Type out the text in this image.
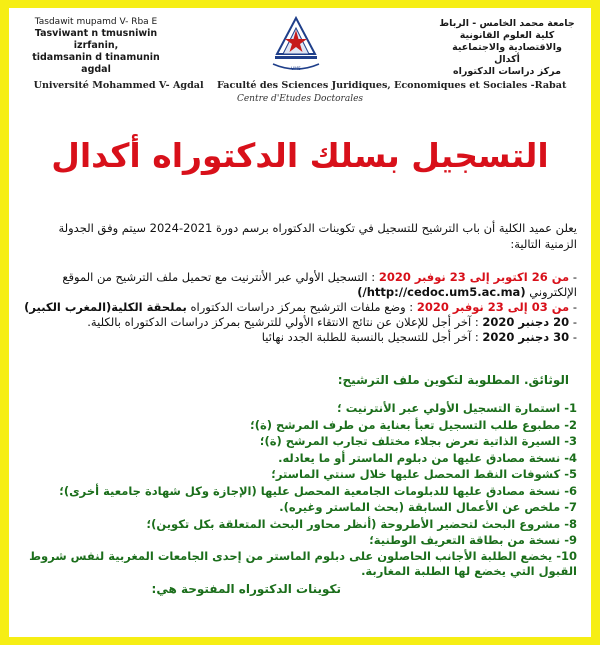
Tasdawit mupamd V- Rba E
Tasviwant n tmusniwin izrfanin,
tidamsanin d tinamunin
agdal	UM5
جامعة محمد الخامس - الرباط
كلية العلوم القانونية والاقتصادية والاجتماعية
أكدال
مركز دراسات الدكتوراه
Université Mohammed V- Agdal Faculté des Sciences Juridiques, Economiques et Sociales -Rabat
Centre d'Etudes Doctorales
التسجيل بسلك الدكتوراه أكدال
يعلن عميد الكلية أن باب الترشيح للتسجيل في تكوينات الدكتوراه برسم دورة 2021-2024 سيتم وفق الجدولة الزمنية التالية:
- من 26 اكتوبر إلى 23 نوفبر 2020 : التسجيل الأولي عبر الأنترنيت مع تحميل ملف الترشيح من الموقع الإلكتروني (http://cedoc.um5.ac.ma/)
- من 03 إلى 23 نوفبر 2020 : وضع ملفات الترشيح بمركز دراسات الدكتوراه بملحقة الكلية(المغرب الكبير)
- 20 دجنبر 2020 : آخر أجل للإعلان عن نتائج الانتقاء الأولي للترشيح بمركز دراسات الدكتوراه بالكلية.
- 30 دجنبر 2020 : آخر أجل للتسجيل بالنسبة للطلبة الجدد نهائيا
الوثائق. المطلوبة لتكوين ملف الترشيح:
1- استمارة التسجيل الأولي عبر الأنترنيت ؛
2- مطبوع طلب التسجيل تعبأ بعناية من طرف المرشح (ة)؛
3- السيرة الذاتية تعرض بجلاء مختلف تجارب المرشح (ة)؛
4- نسخة مصادق عليها من دبلوم الماستر أو ما يعادله.
5- كشوفات النقط المحصل عليها خلال سنتي الماستر؛
6- نسخة مصادق عليها للدبلومات الجامعية المحصل عليها (الإجازة وكل شهادة جامعية أخرى)؛
7- ملخص عن الأعمال السابقة (بحث الماستر وغيره).
8- مشروع البحث لتحضير الأطروحة (أنظر محاور البحث المتعلقة بكل تكوين)؛
9- نسخة من بطاقة التعريف الوطنية؛
10- يخضع الطلبة الأجانب الحاصلون على دبلوم الماستر من إحدى الجامعات المغربية لنفس شروط القبول التي يخضع لها الطلبة المغاربة.
تكوينات الدكتوراه المفتوحة هي:
